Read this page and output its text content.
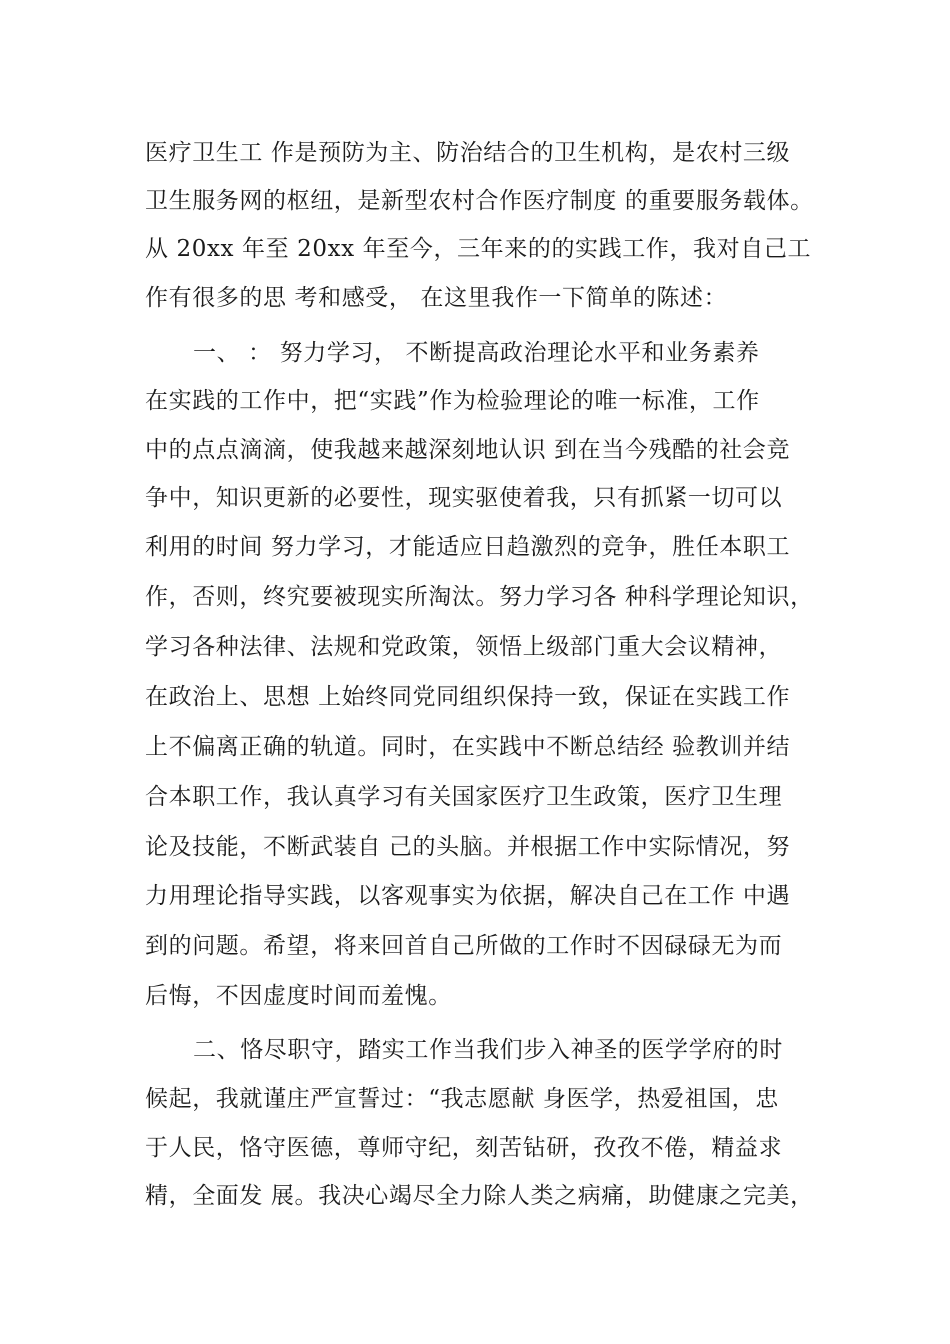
医疗卫生工 作是预防为主、防治结合的卫生机构，是农村三级
卫生服务网的枢纽，是新型农村合作医疗制度 的重要服务载体。
从 20xx 年至 20xx 年至今，三年来的的实践工作，我对自己工
作有很多的思 考和感受， 在这里我作一下简单的陈述：
一、 ： 努力学习， 不断提高政治理论水平和业务素养
在实践的工作中，把“实践”作为检验理论的唯一标准，工作
中的点点滴滴，使我越来越深刻地认识 到在当今残酷的社会竞
争中，知识更新的必要性，现实驱使着我，只有抓紧一切可以
利用的时间 努力学习，才能适应日趋激烈的竞争，胜任本职工
作，否则，终究要被现实所淘汰。努力学习各 种科学理论知识，
学习各种法律、法规和党政策，领悟上级部门重大会议精神，
在政治上、思想 上始终同党同组织保持一致，保证在实践工作
上不偏离正确的轨道。同时，在实践中不断总结经 验教训并结
合本职工作，我认真学习有关国家医疗卫生政策，医疗卫生理
论及技能，不断武装自 己的头脑。并根据工作中实际情况，努
力用理论指导实践，以客观事实为依据，解决自己在工作 中遇
到的问题。希望，将来回首自己所做的工作时不因碌碌无为而
后悔，不因虚度时间而羞愧。
二、恪尽职守，踏实工作当我们步入神圣的医学学府的时
候起，我就谨庄严宣誓过：“我志愿献 身医学，热爱祖国，忠
于人民，恪守医德，尊师守纪，刻苦钻研，孜孜不倦，精益求
精，全面发 展。我决心竭尽全力除人类之病痛，助健康之完美，
